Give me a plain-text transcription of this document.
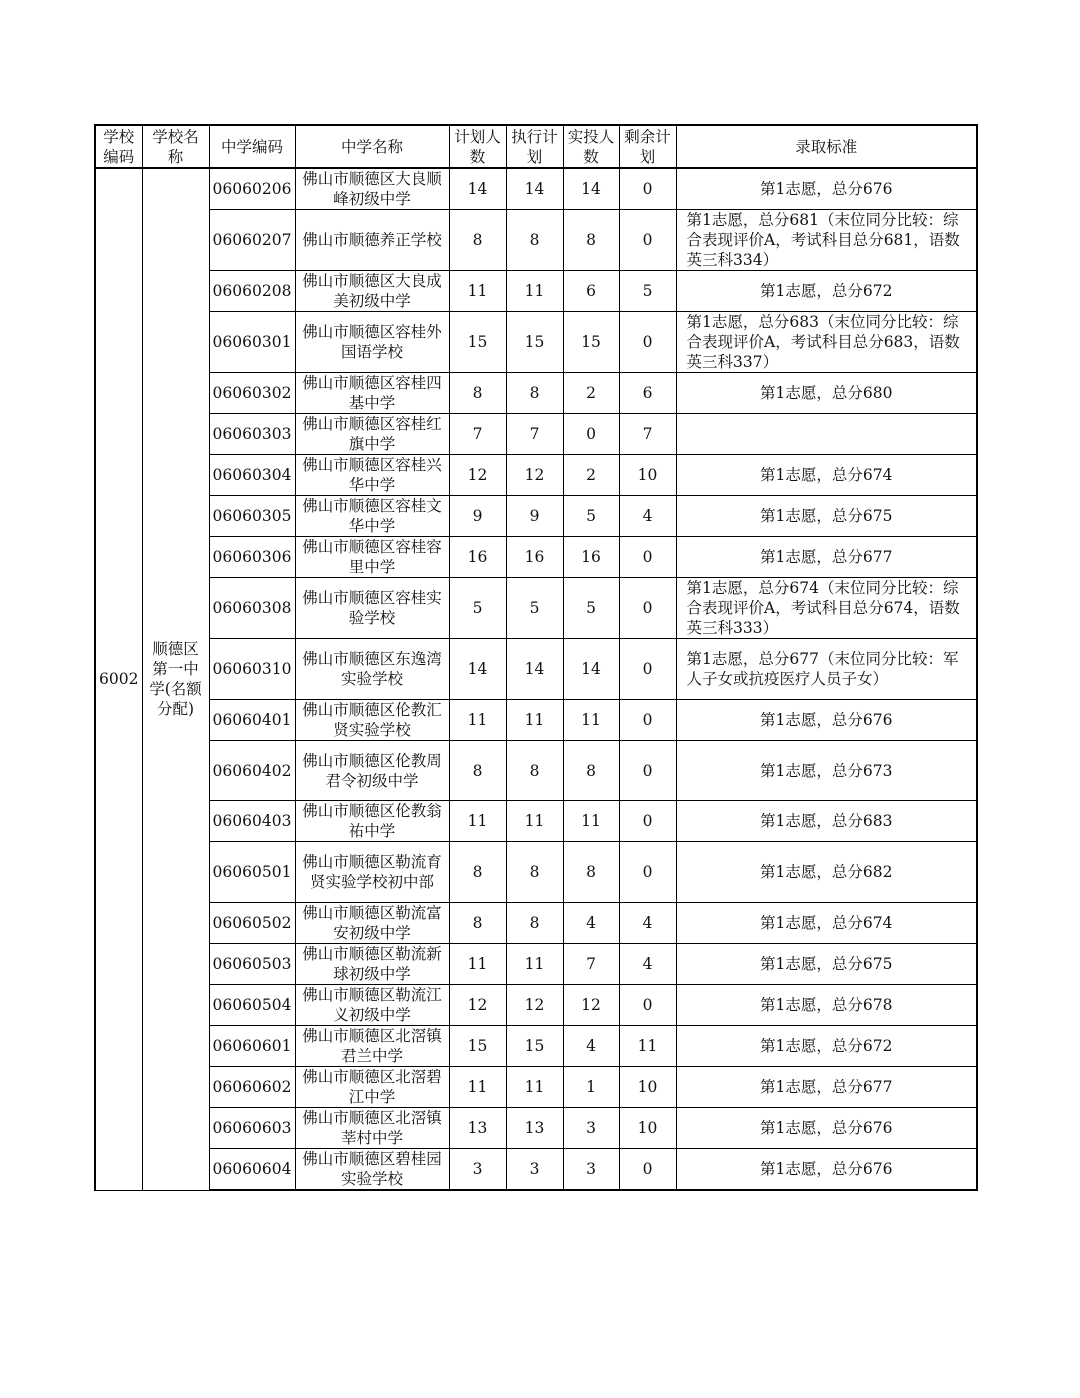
学校编码	学校名称	中学编码	中学名称	计划人数	执行计划	实投人数	剩余计划	录取标准
6002	顺德区第一中学(名额分配)	06060206	佛山市顺德区大良顺峰初级中学	14	14	14	0	第1志愿，总分676
		06060207	佛山市顺德养正学校	8	8	8	0	第1志愿，总分681（末位同分比较：综合表现评价A，考试科目总分681，语数英三科334）
		06060208	佛山市顺德区大良成美初级中学	11	11	6	5	第1志愿，总分672
		06060301	佛山市顺德区容桂外国语学校	15	15	15	0	第1志愿，总分683（末位同分比较：综合表现评价A，考试科目总分683，语数英三科337）
		06060302	佛山市顺德区容桂四基中学	8	8	2	6	第1志愿，总分680
		06060303	佛山市顺德区容桂红旗中学	7	7	0	7	
		06060304	佛山市顺德区容桂兴华中学	12	12	2	10	第1志愿，总分674
		06060305	佛山市顺德区容桂文华中学	9	9	5	4	第1志愿，总分675
		06060306	佛山市顺德区容桂容里中学	16	16	16	0	第1志愿，总分677
		06060308	佛山市顺德区容桂实验学校	5	5	5	0	第1志愿，总分674（末位同分比较：综合表现评价A，考试科目总分674，语数英三科333）
		06060310	佛山市顺德区东逸湾实验学校	14	14	14	0	第1志愿，总分677（末位同分比较：军人子女或抗疫医疗人员子女）
		06060401	佛山市顺德区伦教汇贤实验学校	11	11	11	0	第1志愿，总分676
		06060402	佛山市顺德区伦教周君令初级中学	8	8	8	0	第1志愿，总分673
		06060403	佛山市顺德区伦教翁祐中学	11	11	11	0	第1志愿，总分683
		06060501	佛山市顺德区勒流育贤实验学校初中部	8	8	8	0	第1志愿，总分682
		06060502	佛山市顺德区勒流富安初级中学	8	8	4	4	第1志愿，总分674
		06060503	佛山市顺德区勒流新球初级中学	11	11	7	4	第1志愿，总分675
		06060504	佛山市顺德区勒流江义初级中学	12	12	12	0	第1志愿，总分678
		06060601	佛山市顺德区北滘镇君兰中学	15	15	4	11	第1志愿，总分672
		06060602	佛山市顺德区北滘碧江中学	11	11	1	10	第1志愿，总分677
		06060603	佛山市顺德区北滘镇莘村中学	13	13	3	10	第1志愿，总分676
		06060604	佛山市顺德区碧桂园实验学校	3	3	3	0	第1志愿，总分676
